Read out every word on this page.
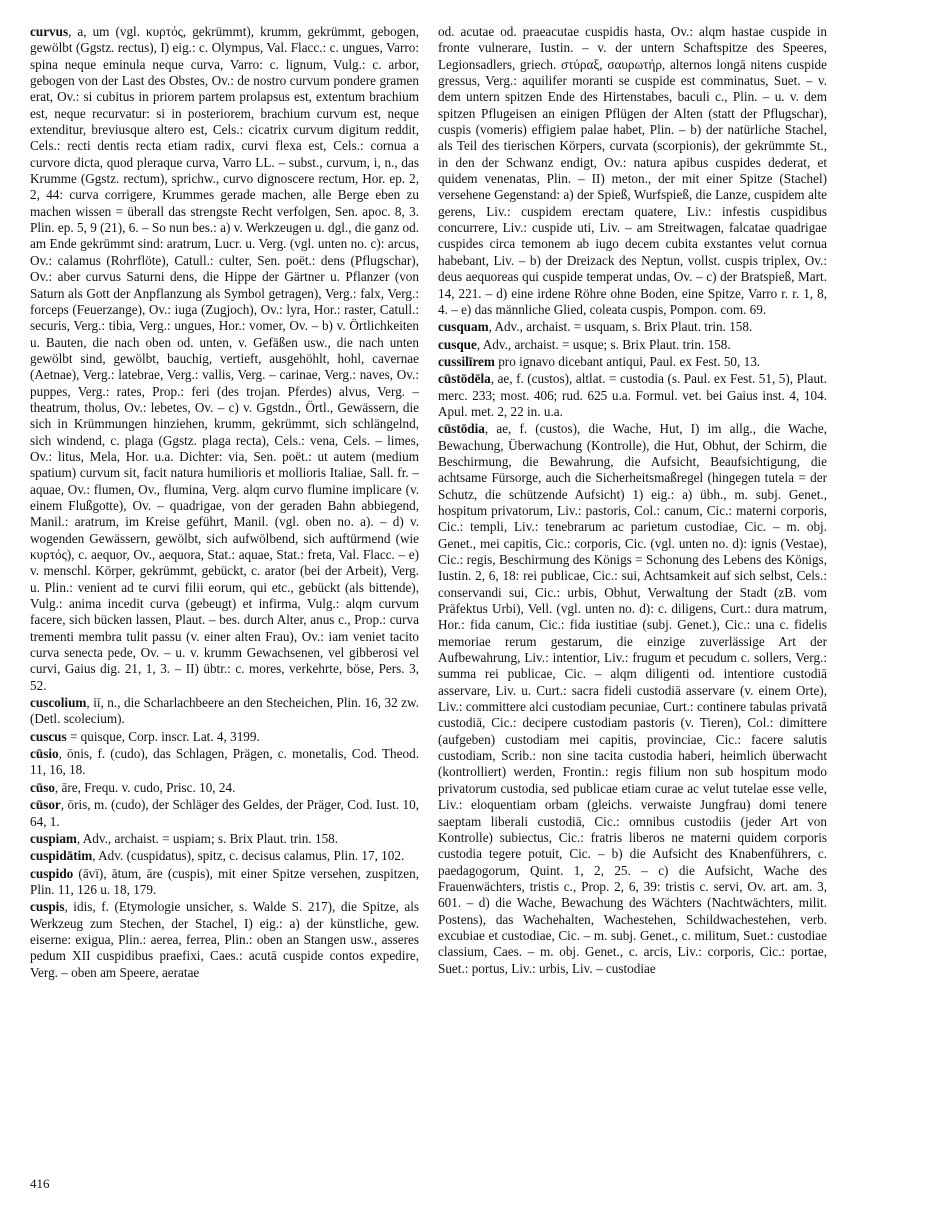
curvus, a, um (vgl. κυρτός, gekrümmt), krumm, gekrümmt, gebogen, gewölbt (Ggstz. rectus), I) eig.: c. Olympus, Val. Flacc.: c. ungues, Varro: spina neque eminula neque curva, Varro: c. lignum, Vulg.: c. arbor, gebogen von der Last des Obstes, Ov.: de nostro curvum pondere gramen erat, Ov.: si cubitus in priorem partem prolapsus est, extentum brachium est, neque recurvatur: si in posteriorem, brachium curvum est, neque extenditur, breviusque altero est, Cels.: cicatrix curvum digitum reddit, Cels.: recti dentis recta etiam radix, curvi flexa est, Cels.: cornua a curvore dicta, quod pleraque curva, Varro LL. – subst., curvum, i, n., das Krumme (Ggstz. rectum), sprichw., curvo dignoscere rectum, Hor. ep. 2, 2, 44: curva corrigere, Krummes gerade machen, alle Berge eben zu machen wissen = überall das strengste Recht verfolgen, Sen. apoc. 8, 3. Plin. ep. 5, 9 (21), 6. – So nun bes.: a) v. Werkzeugen u. dgl., die ganz od. am Ende gekrümmt sind: aratrum, Lucr. u. Verg. (vgl. unten no. c): arcus, Ov.: calamus (Rohrflöte), Catull.: culter, Sen. poët.: dens (Pflugschar), Ov.: aber curvus Saturni dens, die Hippe der Gärtner u. Pflanzer (von Saturn als Gott der Anpflanzung als Symbol getragen), Verg.: falx, Verg.: forceps (Feuerzange), Ov.: iuga (Zugjoch), Ov.: lyra, Hor.: raster, Catull.: securis, Verg.: tibia, Verg.: ungues, Hor.: vomer, Ov. – b) v. Örtlichkeiten u. Bauten, die nach oben od. unten, v. Gefäßen usw., die nach unten gewölbt sind, gewölbt, bauchig, vertieft, ausgehöhlt, hohl, cavernae (Aetnae), Verg.: latebrae, Verg.: vallis, Verg. – carinae, Verg.: naves, Ov.: puppes, Verg.: rates, Prop.: feri (des trojan. Pferdes) alvus, Verg. – theatrum, tholus, Ov.: lebetes, Ov. – c) v. Ggstdn., Örtl., Gewässern, die sich in Krümmungen hinziehen, krumm, gekrümmt, sich schlängelnd, sich windend, c. plaga (Ggstz. plaga recta), Cels.: vena, Cels. – limes, Ov.: litus, Mela, Hor. u.a. Dichter: via, Sen. poët.: ut autem (medium spatium) curvum sit, facit natura humilioris et mollioris Italiae, Sall. fr. – aquae, Ov.: flumen, Ov., flumina, Verg. alqm curvo flumine implicare (v. einem Flußgotte), Ov. – quadrigae, von der geraden Bahn abbiegend, Manil.: aratrum, im Kreise geführt, Manil. (vgl. oben no. a). – d) v. wogenden Gewässern, gewölbt, sich aufwölbend, sich auftürmend (wie κυρτός), c. aequor, Ov., aequora, Stat.: aquae, Stat.: freta, Val. Flacc. – e) v. menschl. Körper, gekrümmt, gebückt, c. arator (bei der Arbeit), Verg. u. Plin.: venient ad te curvi filii eorum, qui etc., gebückt (als bittende), Vulg.: anima incedit curva (gebeugt) et infirma, Vulg.: alqm curvum facere, sich bücken lassen, Plaut. – bes. durch Alter, anus c., Prop.: curva trementi membra tulit passu (v. einer alten Frau), Ov.: iam veniet tacito curva senecta pede, Ov. – u. v. krumm Gewachsenen, vel gibberosi vel curvi, Gaius dig. 21, 1, 3. – II) übtr.: c. mores, verkehrte, böse, Pers. 3, 52.

cuscolium, iī, n., die Scharlachbeere an den Stecheichen, Plin. 16, 32 zw. (Detl. scolecium).

cuscus = quisque, Corp. inscr. Lat. 4, 3199.

cūsio, ōnis, f. (cudo), das Schlagen, Prägen, c. monetalis, Cod. Theod. 11, 16, 18.

cūso, āre, Frequ. v. cudo, Prisc. 10, 24.

cūsor, ōris, m. (cudo), der Schläger des Geldes, der Präger, Cod. Iust. 10, 64, 1.

cuspiam, Adv., archaist. = uspiam; s. Brix Plaut. trin. 158.

cuspidātim, Adv. (cuspidatus), spitz, c. decisus calamus, Plin. 17, 102.

cuspido (āvī), ātum, āre (cuspis), mit einer Spitze versehen, zuspitzen, Plin. 11, 126 u. 18, 179.

cuspis, idis, f. (Etymologie unsicher, s. Walde S. 217), die Spitze, als Werkzeug zum Stechen, der Stachel, I) eig.: a) der künstliche, gew. eiserne: exigua, Plin.: aerea, ferrea, Plin.: oben an Stangen usw., asseres pedum XII cuspidibus praefixi, Caes.: acutā cuspide contos expedire, Verg. – oben am Speere, aeratae

od. acutae od. praeacutae cuspidis hasta, Ov.: alqm hastae cuspide in fronte vulnerare, Iustin. – v. der untern Schaftspitze des Speeres, Legionsadlers, griech. στύραξ, σαυρωτήρ, alternos longā nitens cuspide gressus, Verg.: aquilifer moranti se cuspide est comminatus, Suet. – v. dem untern spitzen Ende des Hirtenstabes, baculi c., Plin. – u. v. dem spitzen Pflugeisen an einigen Pflügen der Alten (statt der Pflugschar), cuspis (vomeris) effigiem palae habet, Plin. – b) der natürliche Stachel, als Teil des tierischen Körpers, curvata (scorpionis), der gekrümmte St., in den der Schwanz endigt, Ov.: natura apibus cuspides dederat, et quidem venenatas, Plin. – II) meton., der mit einer Spitze (Stachel) versehene Gegenstand: a) der Spieß, Wurfspieß, die Lanze, cuspidem alte gerens, Liv.: cuspidem erectam quatere, Liv.: infestis cuspidibus concurrere, Liv.: cuspide uti, Liv. – am Streitwagen, falcatae quadrigae cuspides circa temonem ab iugo decem cubita exstantes velut cornua habebant, Liv. – b) der Dreizack des Neptun, vollst. cuspis triplex, Ov.: deus aequoreas qui cuspide temperat undas, Ov. – c) der Bratspieß, Mart. 14, 221. – d) eine irdene Röhre ohne Boden, eine Spitze, Varro r. r. 1, 8, 4. – e) das männliche Glied, coleata cuspis, Pompon. com. 69.

cusquam, Adv., archaist. = usquam, s. Brix Plaut. trin. 158.

cusque, Adv., archaist. = usque; s. Brix Plaut. trin. 158.

cussilīrem pro ignavo dicebant antiqui, Paul. ex Fest. 50, 13.

cūstōdēla, ae, f. (custos), altlat. = custodia (s. Paul. ex Fest. 51, 5), Plaut. merc. 233; most. 406; rud. 625 u.a. Formul. vet. bei Gaius inst. 4, 104. Apul. met. 2, 22 in. u.a.

cūstōdia, ae, f. (custos), die Wache, Hut, I) im allg., die Wache, Bewachung, Überwachung (Kontrolle), die Hut, Obhut, der Schirm, die Beschirmung, die Bewahrung, die Aufsicht, Beaufsichtigung, die achtsame Fürsorge, auch die Sicherheitsmaßregel (hingegen tutela = der Schutz, die schützende Aufsicht) 1) eig.: a) übh., m. subj. Genet., hospitum privatorum, Liv.: pastoris, Col.: canum, Cic.: materni corporis, Cic.: templi, Liv.: tenebrarum ac parietum custodiae, Cic. – m. obj. Genet., mei capitis, Cic.: corporis, Cic. (vgl. unten no. d): ignis (Vestae), Cic.: regis, Beschirmung des Königs = Schonung des Lebens des Königs, Iustin. 2, 6, 18: rei publicae, Cic.: sui, Achtsamkeit auf sich selbst, Cels.: conservandi sui, Cic.: urbis, Obhut, Verwaltung der Stadt (zB. vom Präfektus Urbi), Vell. (vgl. unten no. d): c. diligens, Curt.: dura matrum, Hor.: fida canum, Cic.: fida iustitiae (subj. Genet.), Cic.: una c. fidelis memoriae rerum gestarum, die einzige zuverlässige Art der Aufbewahrung, Liv.: intentior, Liv.: frugum et pecudum c. sollers, Verg.: summa rei publicae, Cic. – alqm diligenti od. intentiore custodiā asservare, Liv. u. Curt.: sacra fideli custodiā asservare (v. einem Orte), Liv.: committere alci custodiam pecuniae, Curt.: continere tabulas privatā custodiā, Cic.: decipere custodiam pastoris (v. Tieren), Col.: dimittere (aufgeben) custodiam mei capitis, provinciae, Cic.: facere salutis custodiam, Scrib.: non sine tacita custodia haberi, heimlich überwacht (kontrolliert) werden, Frontin.: regis filium non sub hospitum modo privatorum custodia, sed publicae etiam curae ac velut tutelae esse velle, Liv.: eloquentiam orbam (gleichs. verwaiste Jungfrau) domi tenere saeptam liberali custodiā, Cic.: omnibus custodiis (jeder Art von Kontrolle) subiectus, Cic.: fratris liberos ne materni quidem corporis custodia tegere potuit, Cic. – b) die Aufsicht des Knabenführers, c. paedagogorum, Quint. 1, 2, 25. – c) die Aufsicht, Wache des Frauenwächters, tristis c., Prop. 2, 6, 39: tristis c. servi, Ov. art. am. 3, 601. – d) die Wache, Bewachung des Wächters (Nachtwächters, milit. Postens), das Wachehalten, Wachestehen, Schildwachestehen, verb. excubiae et custodiae, Cic. – m. subj. Genet., c. militum, Suet.: custodiae classium, Caes. – m. obj. Genet., c. arcis, Liv.: corporis, Cic.: portae, Suet.: portus, Liv.: urbis, Liv. – custodiae

416
